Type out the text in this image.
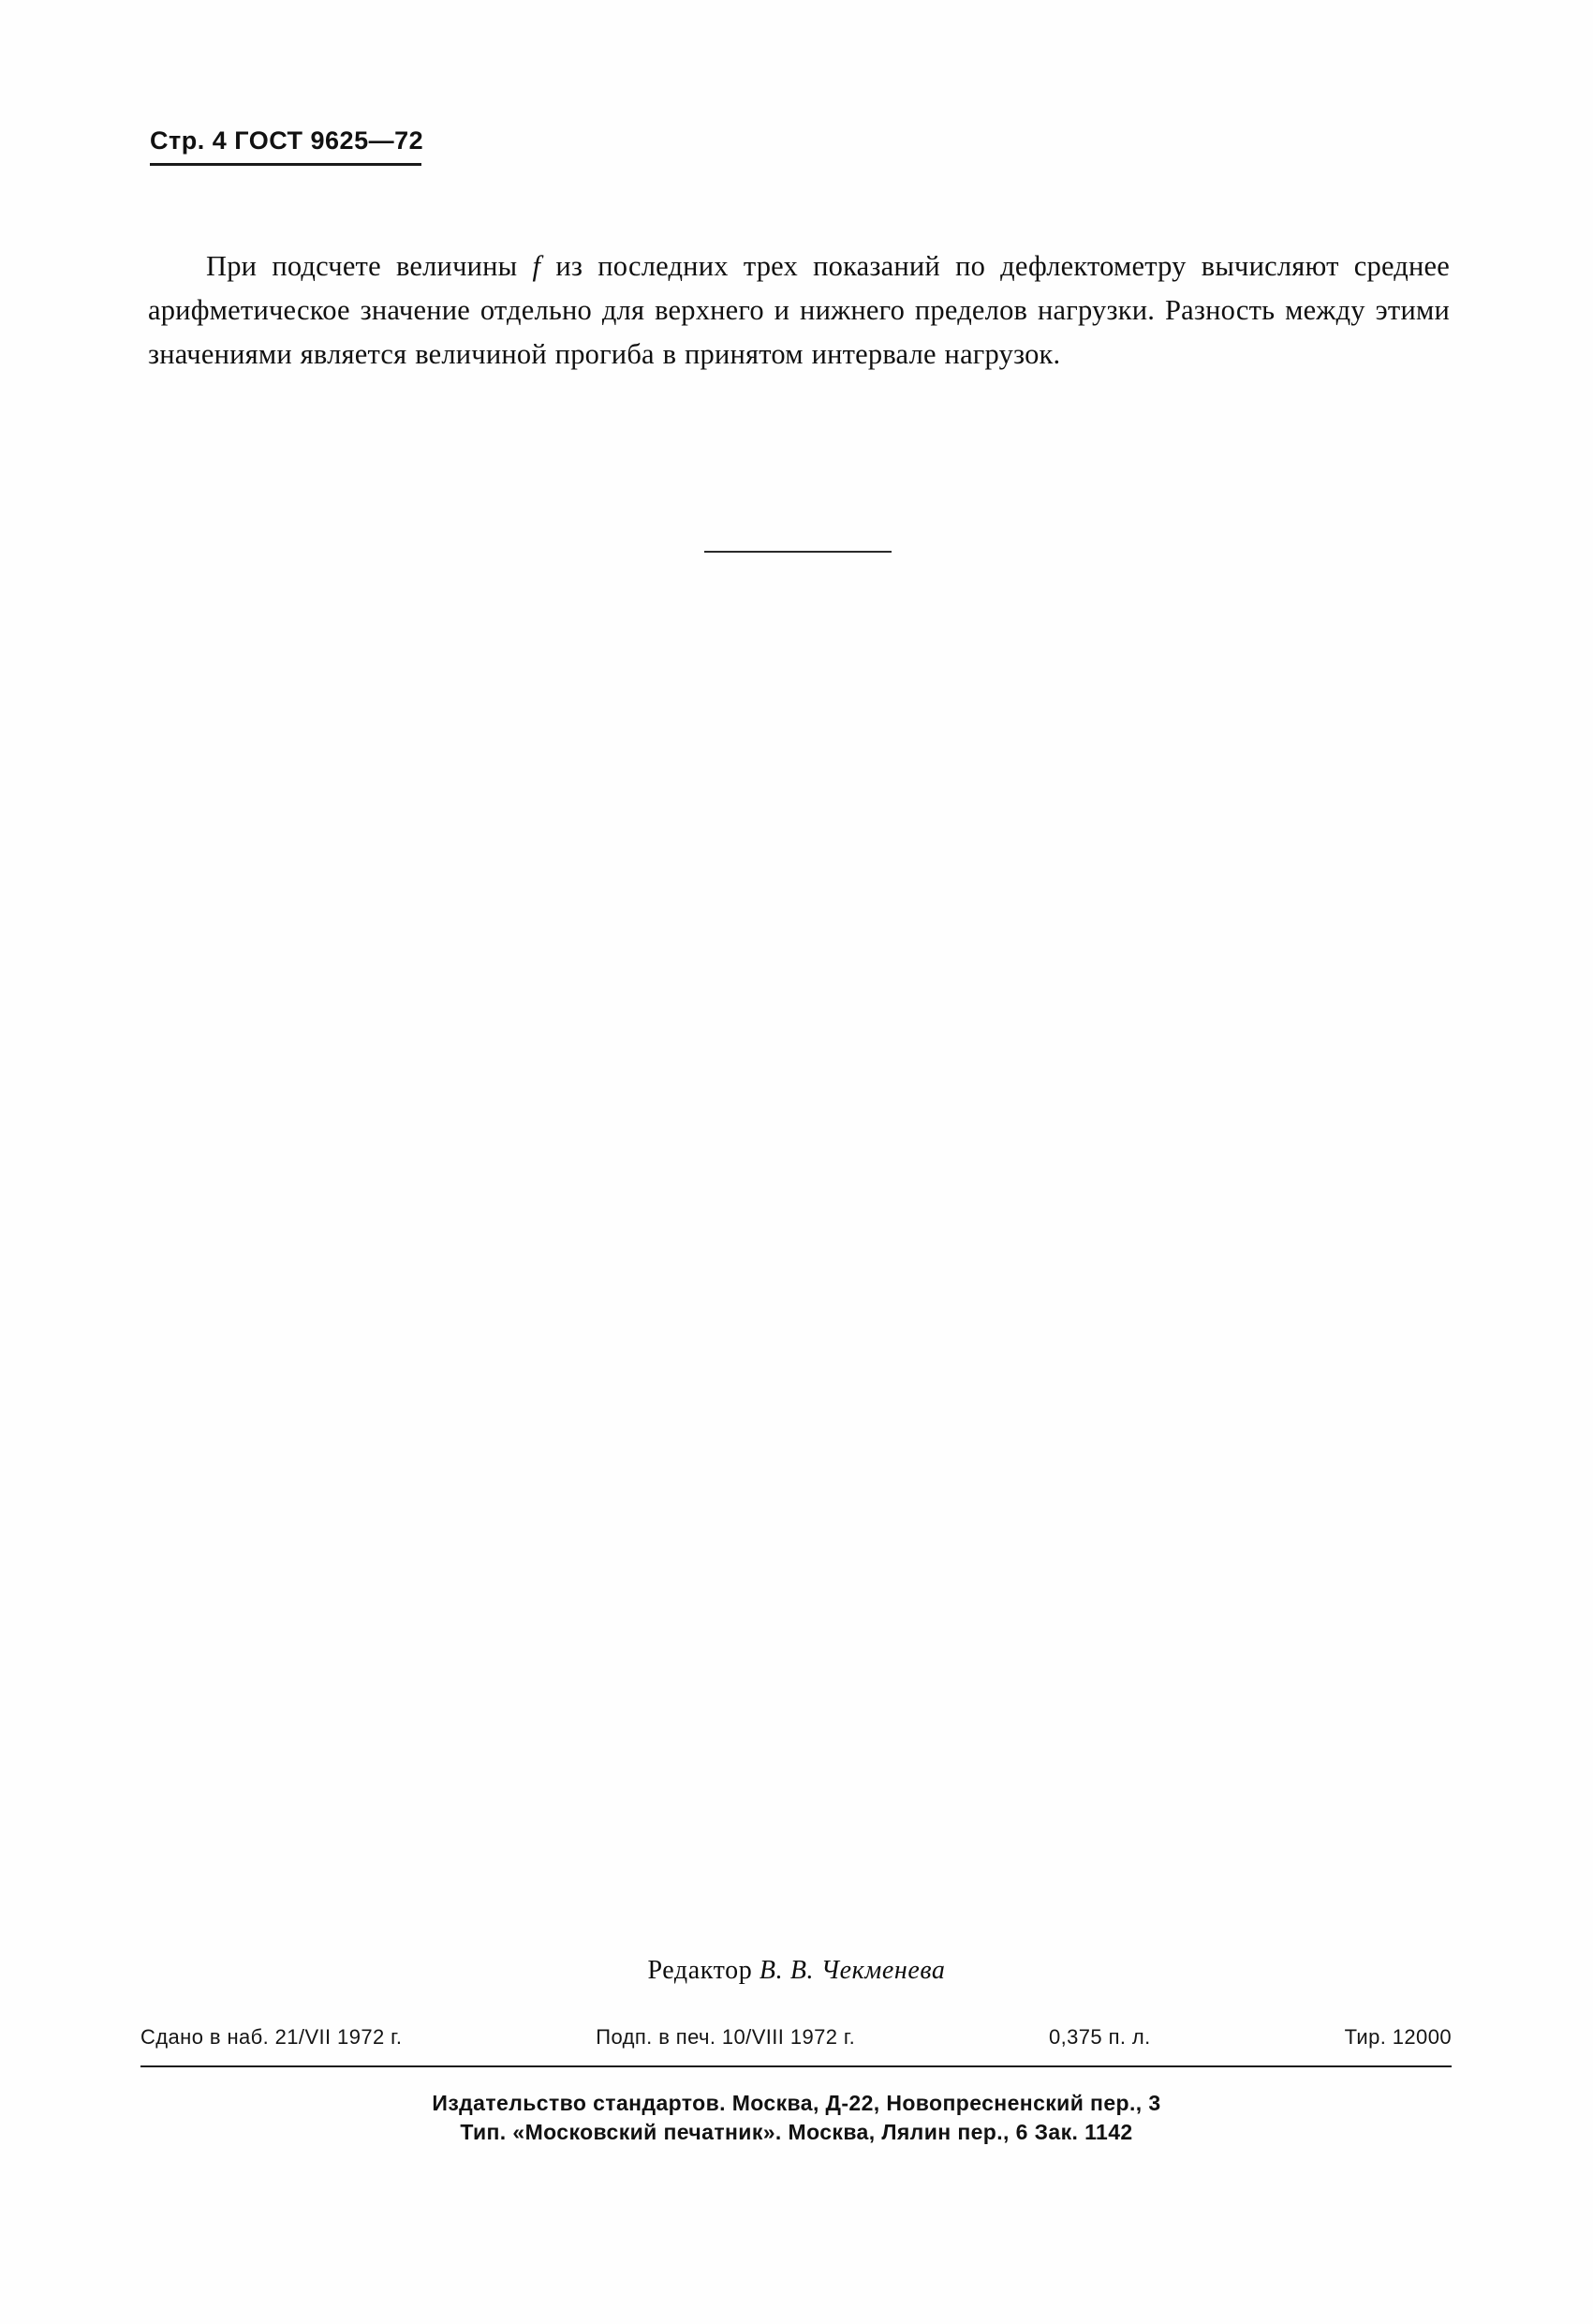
Стр. 4 ГОСТ 9625—72

При подсчете величины f из последних трех показаний по дефлектометру вычисляют среднее арифметическое значение отдельно для верхнего и нижнего пределов нагрузки. Разность между этими значениями является величиной прогиба в принятом интервале нагрузок.

Редактор В. В. Чекменева
Сдано в наб. 21/VII 1972 г.	Подп. в печ. 10/VIII 1972 г.	0,375 п. л.	Тир. 12000
Издательство стандартов. Москва, Д-22, Новопресненский пер., 3
Тип. «Московский печатник». Москва, Лялин пер., 6 Зак. 1142
